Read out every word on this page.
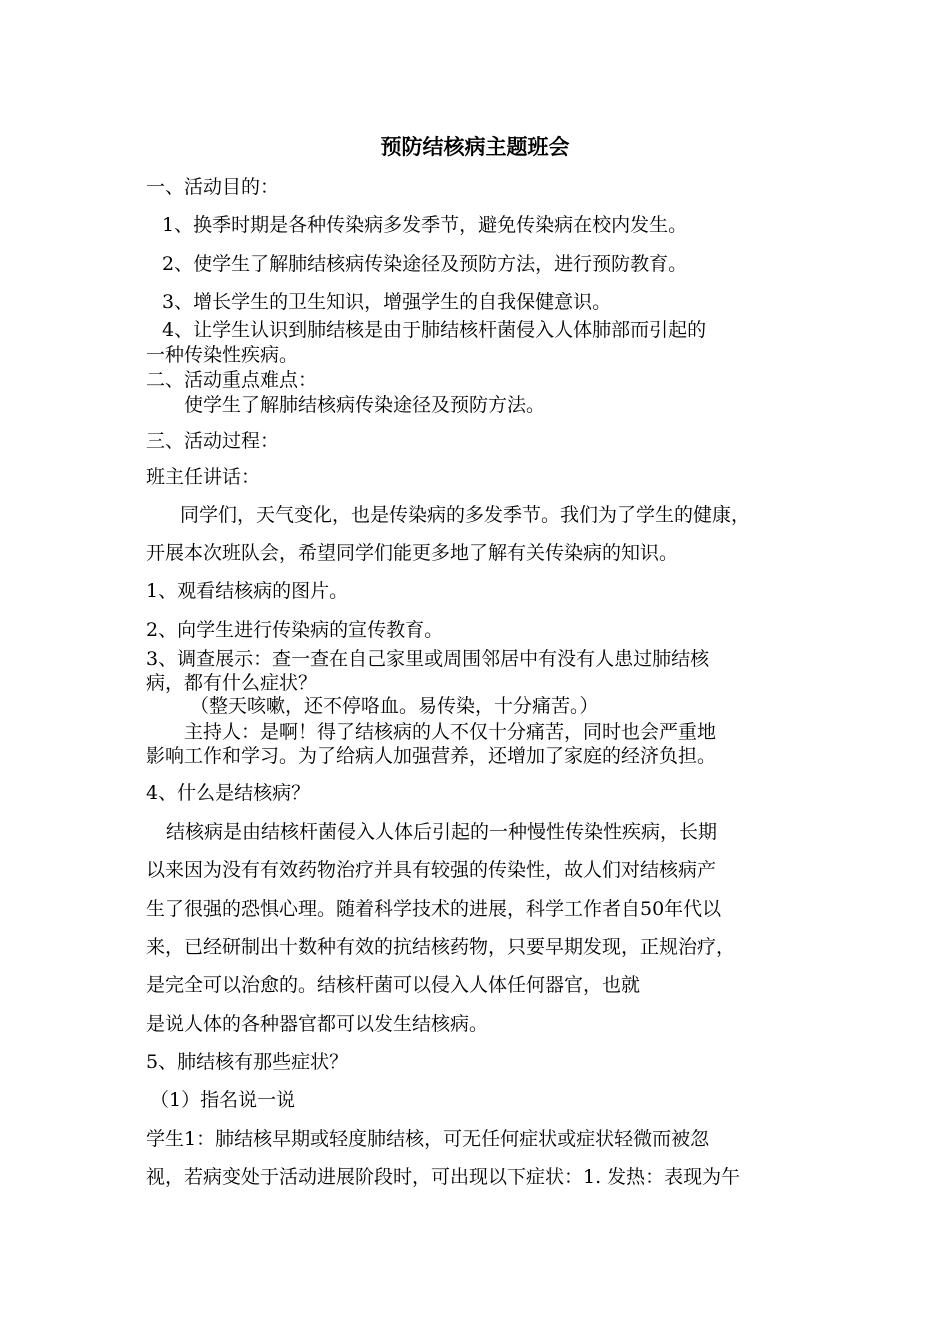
预防结核病主题班会
一、活动目的：
1、换季时期是各种传染病多发季节，避免传染病在校内发生。
2、使学生了解肺结核病传染途径及预防方法，进行预防教育。
3、增长学生的卫生知识，增强学生的自我保健意识。
4、让学生认识到肺结核是由于肺结核杆菌侵入人体肺部而引起的
一种传染性疾病。
二、活动重点难点：
使学生了解肺结核病传染途径及预防方法。
三、活动过程：
班主任讲话：
同学们，天气变化，也是传染病的多发季节。我们为了学生的健康，
开展本次班队会，希望同学们能更多地了解有关传染病的知识。
1、观看结核病的图片。
2、向学生进行传染病的宣传教育。
3、调查展示：查一查在自己家里或周围邻居中有没有人患过肺结核
病，都有什么症状？
（整天咳嗽，还不停咯血。易传染，十分痛苦。）
主持人：是啊！得了结核病的人不仅十分痛苦，同时也会严重地
影响工作和学习。为了给病人加强营养，还增加了家庭的经济负担。
4、什么是结核病？
结核病是由结核杆菌侵入人体后引起的一种慢性传染性疾病，长期
以来因为没有有效药物治疗并具有较强的传染性，故人们对结核病产
生了很强的恐惧心理。随着科学技术的进展，科学工作者自50年代以
来，已经研制出十数种有效的抗结核药物，只要早期发现，正规治疗，
是完全可以治愈的。结核杆菌可以侵入人体任何器官，也就
是说人体的各种器官都可以发生结核病。
5、肺结核有那些症状？
（1）指名说一说
学生1：肺结核早期或轻度肺结核，可无任何症状或症状轻微而被忽
视，若病变处于活动进展阶段时，可出现以下症状：1. 发热：表现为午
